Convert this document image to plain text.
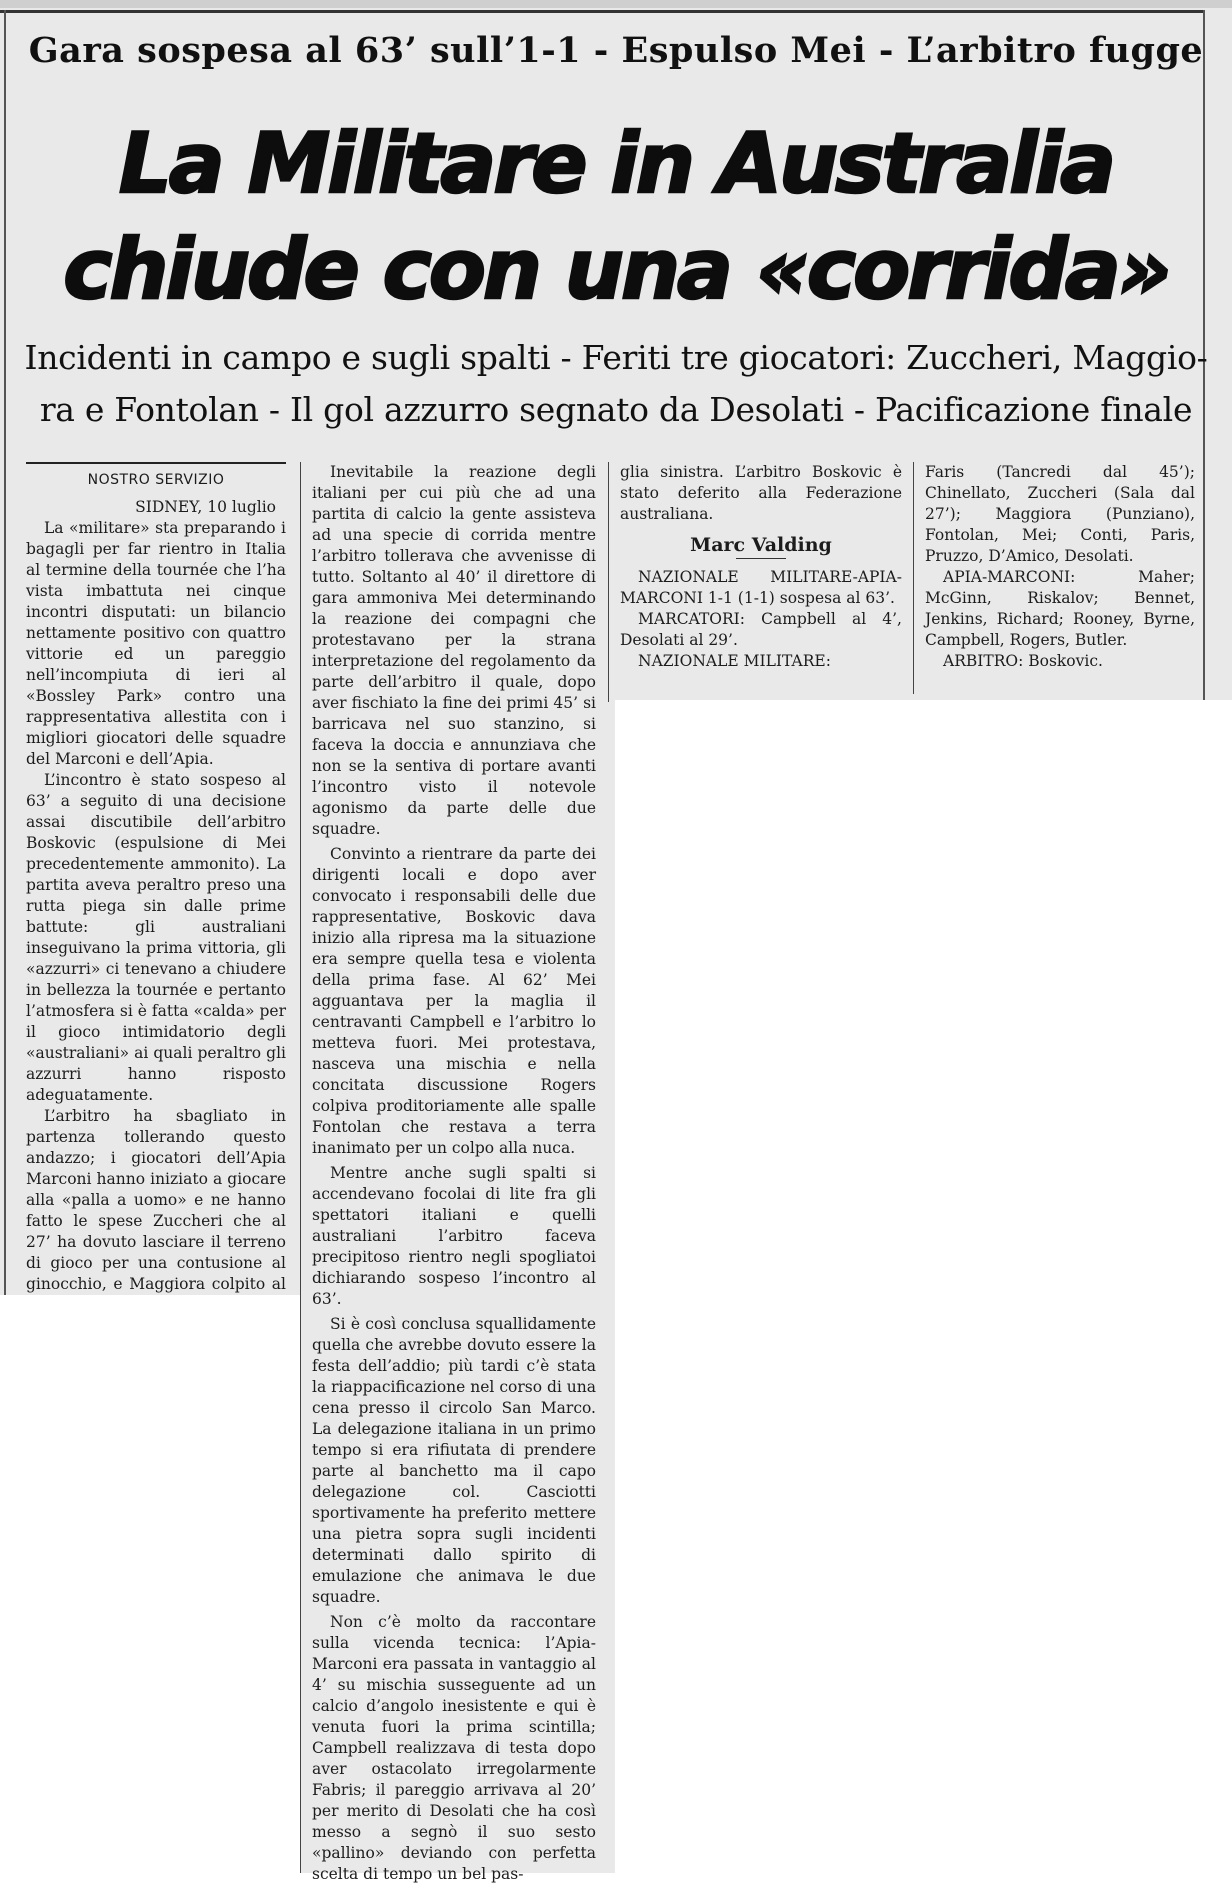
Gara sospesa al 63’ sull’1-1 - Espulso Mei - L’arbitro fugge
La Militare in Australia
chiude con una «corrida»
Incidenti in campo e sugli spalti - Feriti tre giocatori: Zuccheri, Maggio-
ra e Fontolan - Il gol azzurro segnato da Desolati - Pacificazione finale
NOSTRO SERVIZIO

SIDNEY, 10 luglio

La «militare» sta preparando i bagagli per far rientro in Italia al termine della tournée che l’ha vista imbattuta nei cinque incontri disputati: un bilancio nettamente positivo con quattro vittorie ed un pareggio nell’incompiuta di ieri al «Bossley Park» contro una rappresentativa allestita con i migliori giocatori delle squadre del Marconi e dell’Apia.

L’incontro è stato sospeso al 63’ a seguito di una decisione assai discutibile dell’arbitro Boskovic (espulsione di Mei precedentemente ammonito). La partita aveva peraltro preso una rutta piega sin dalle prime battute: gli australiani inseguivano la prima vittoria, gli «azzurri» ci tenevano a chiudere in bellezza la tournée e pertanto l’atmosfera si è fatta «calda» per il gioco intimidatorio degli «australiani» ai quali peraltro gli azzurri hanno risposto adeguatamente.

L’arbitro ha sbagliato in partenza tollerando questo andazzo; i giocatori dell’Apia Marconi hanno iniziato a giocare alla «palla a uomo» e ne hanno fatto le spese Zuccheri che al 27’ ha dovuto lasciare il terreno di gioco per una contusione al ginocchio, e Maggiora colpito al

Inevitabile la reazione degli italiani per cui più che ad una partita di calcio la gente assisteva ad una specie di corrida mentre l’arbitro tollerava che avvenisse di tutto. Soltanto al 40’ il direttore di gara ammoniva Mei determinando la reazione dei compagni che protestavano per la strana interpretazione del regolamento da parte dell’arbitro il quale, dopo aver fischiato la fine dei primi 45’ si barricava nel suo stanzino, si faceva la doccia e annunziava che non se la sentiva di portare avanti l’incontro visto il notevole agonismo da parte delle due squadre.

Convinto a rientrare da parte dei dirigenti locali e dopo aver convocato i responsabili delle due rappresentative, Boskovic dava inizio alla ripresa ma la situazione era sempre quella tesa e violenta della prima fase. Al 62’ Mei agguantava per la maglia il centravanti Campbell e l’arbitro lo metteva fuori. Mei protestava, nasceva una mischia e nella concitata discussione Rogers colpiva proditoriamente alle spalle Fontolan che restava a terra inanimato per un colpo alla nuca.

Mentre anche sugli spalti si accendevano focolai di lite fra gli spettatori italiani e quelli australiani l’arbitro faceva precipitoso rientro negli spogliatoi dichiarando sospeso l’incontro al 63’.

Si è così conclusa squallidamente quella che avrebbe dovuto essere la festa dell’addio; più tardi c’è stata la riappacificazione nel corso di una cena presso il circolo San Marco. La delegazione italiana in un primo tempo si era rifiutata di prendere parte al banchetto ma il capo delegazione col. Casciotti sportivamente ha preferito mettere una pietra sopra sugli incidenti determinati dallo spirito di emulazione che animava le due squadre.

Non c’è molto da raccontare sulla vicenda tecnica: l’Apia-Marconi era passata in vantaggio al 4’ su mischia susseguente ad un calcio d’angolo inesistente e qui è venuta fuori la prima scintilla; Campbell realizzava di testa dopo aver ostacolato irregolarmente Fabris; il pareggio arrivava al 20’ per merito di Desolati che ha così messo a segnò il suo sesto «pallino» deviando con perfetta scelta di tempo un bel pas-

glia sinistra. L’arbitro Boskovic è stato deferito alla Federazione australiana.

Marc Valding

NAZIONALE MILITARE-APIA-MARCONI 1-1 (1-1) sospesa al 63’.

MARCATORI: Campbell al 4’, Desolati al 29’.

NAZIONALE MILITARE:

Faris (Tancredi dal 45’); Chinellato, Zuccheri (Sala dal 27’); Maggiora (Punziano), Fontolan, Mei; Conti, Paris, Pruzzo, D’Amico, Desolati.

APIA-MARCONI: Maher; McGinn, Riskalov; Bennet, Jenkins, Richard; Rooney, Byrne, Campbell, Rogers, Butler.

ARBITRO: Boskovic.
